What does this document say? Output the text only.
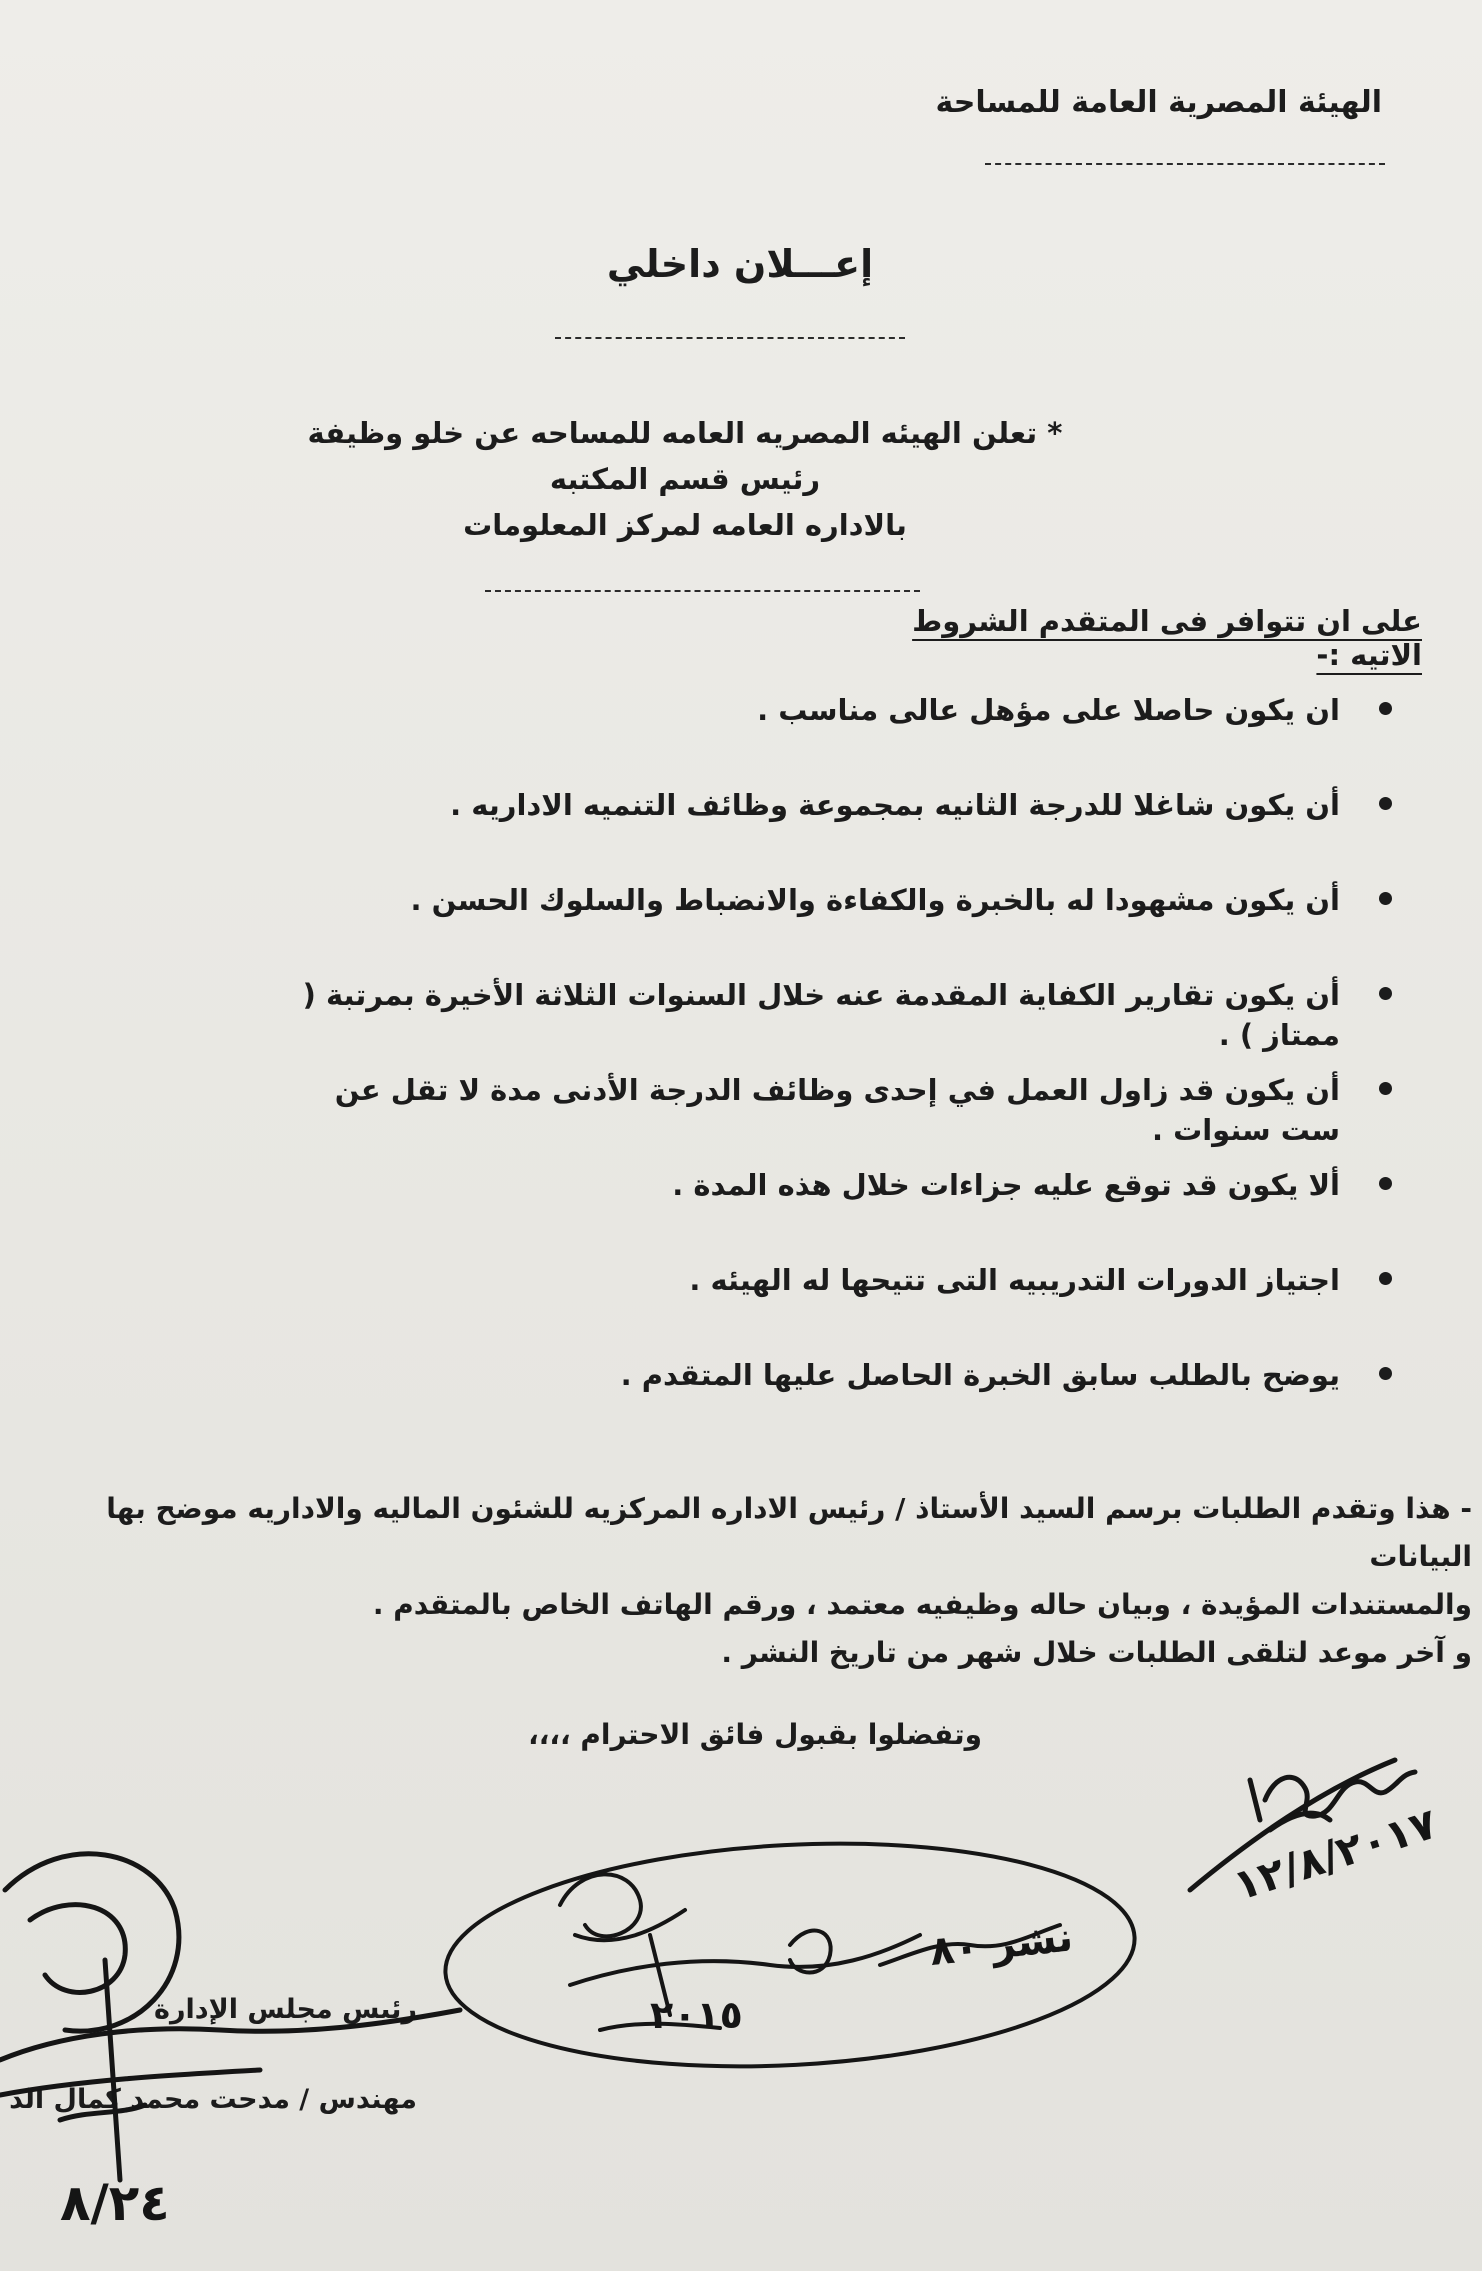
الهيئة المصرية العامة للمساحة
إعـــلان داخلي
* تعلن الهيئه المصريه العامه للمساحه عن خلو وظيفة
رئيس قسم المكتبه
بالاداره العامه لمركز المعلومات
على ان تتوافر فى المتقدم الشروط الاتيه :-
ان يكون حاصلا على مؤهل عالى مناسب .
أن يكون شاغلا للدرجة الثانيه بمجموعة وظائف التنميه الاداريه .
أن يكون مشهودا له بالخبرة والكفاءة والانضباط والسلوك الحسن .
أن يكون تقارير الكفاية المقدمة عنه خلال السنوات الثلاثة الأخيرة بمرتبة ( ممتاز ) .
أن يكون قد زاول العمل في إحدى وظائف الدرجة الأدنى مدة لا تقل عن ست سنوات .
ألا يكون قد توقع عليه جزاءات خلال هذه المدة .
اجتياز الدورات التدريبيه التى تتيحها له الهيئه .
يوضح بالطلب سابق الخبرة الحاصل عليها المتقدم .

- هذا وتقدم الطلبات برسم السيد الأستاذ / رئيس الاداره المركزيه للشئون الماليه والاداريه موضح بها البيانات

والمستندات المؤيدة ، وبيان حاله وظيفيه معتمد ، ورقم الهاتف الخاص بالمتقدم .

و آخر موعد لتلقى الطلبات خلال شهر من تاريخ النشر .

وتفضلوا بقبول فائق الاحترام ،،،،
رئيس مجلس الإدارة
مهندس / مدحت محمد كمال الد
١٢/٨/٢٠١٧
نشر ٨٠
٢٠١٥
٨/٢٤
